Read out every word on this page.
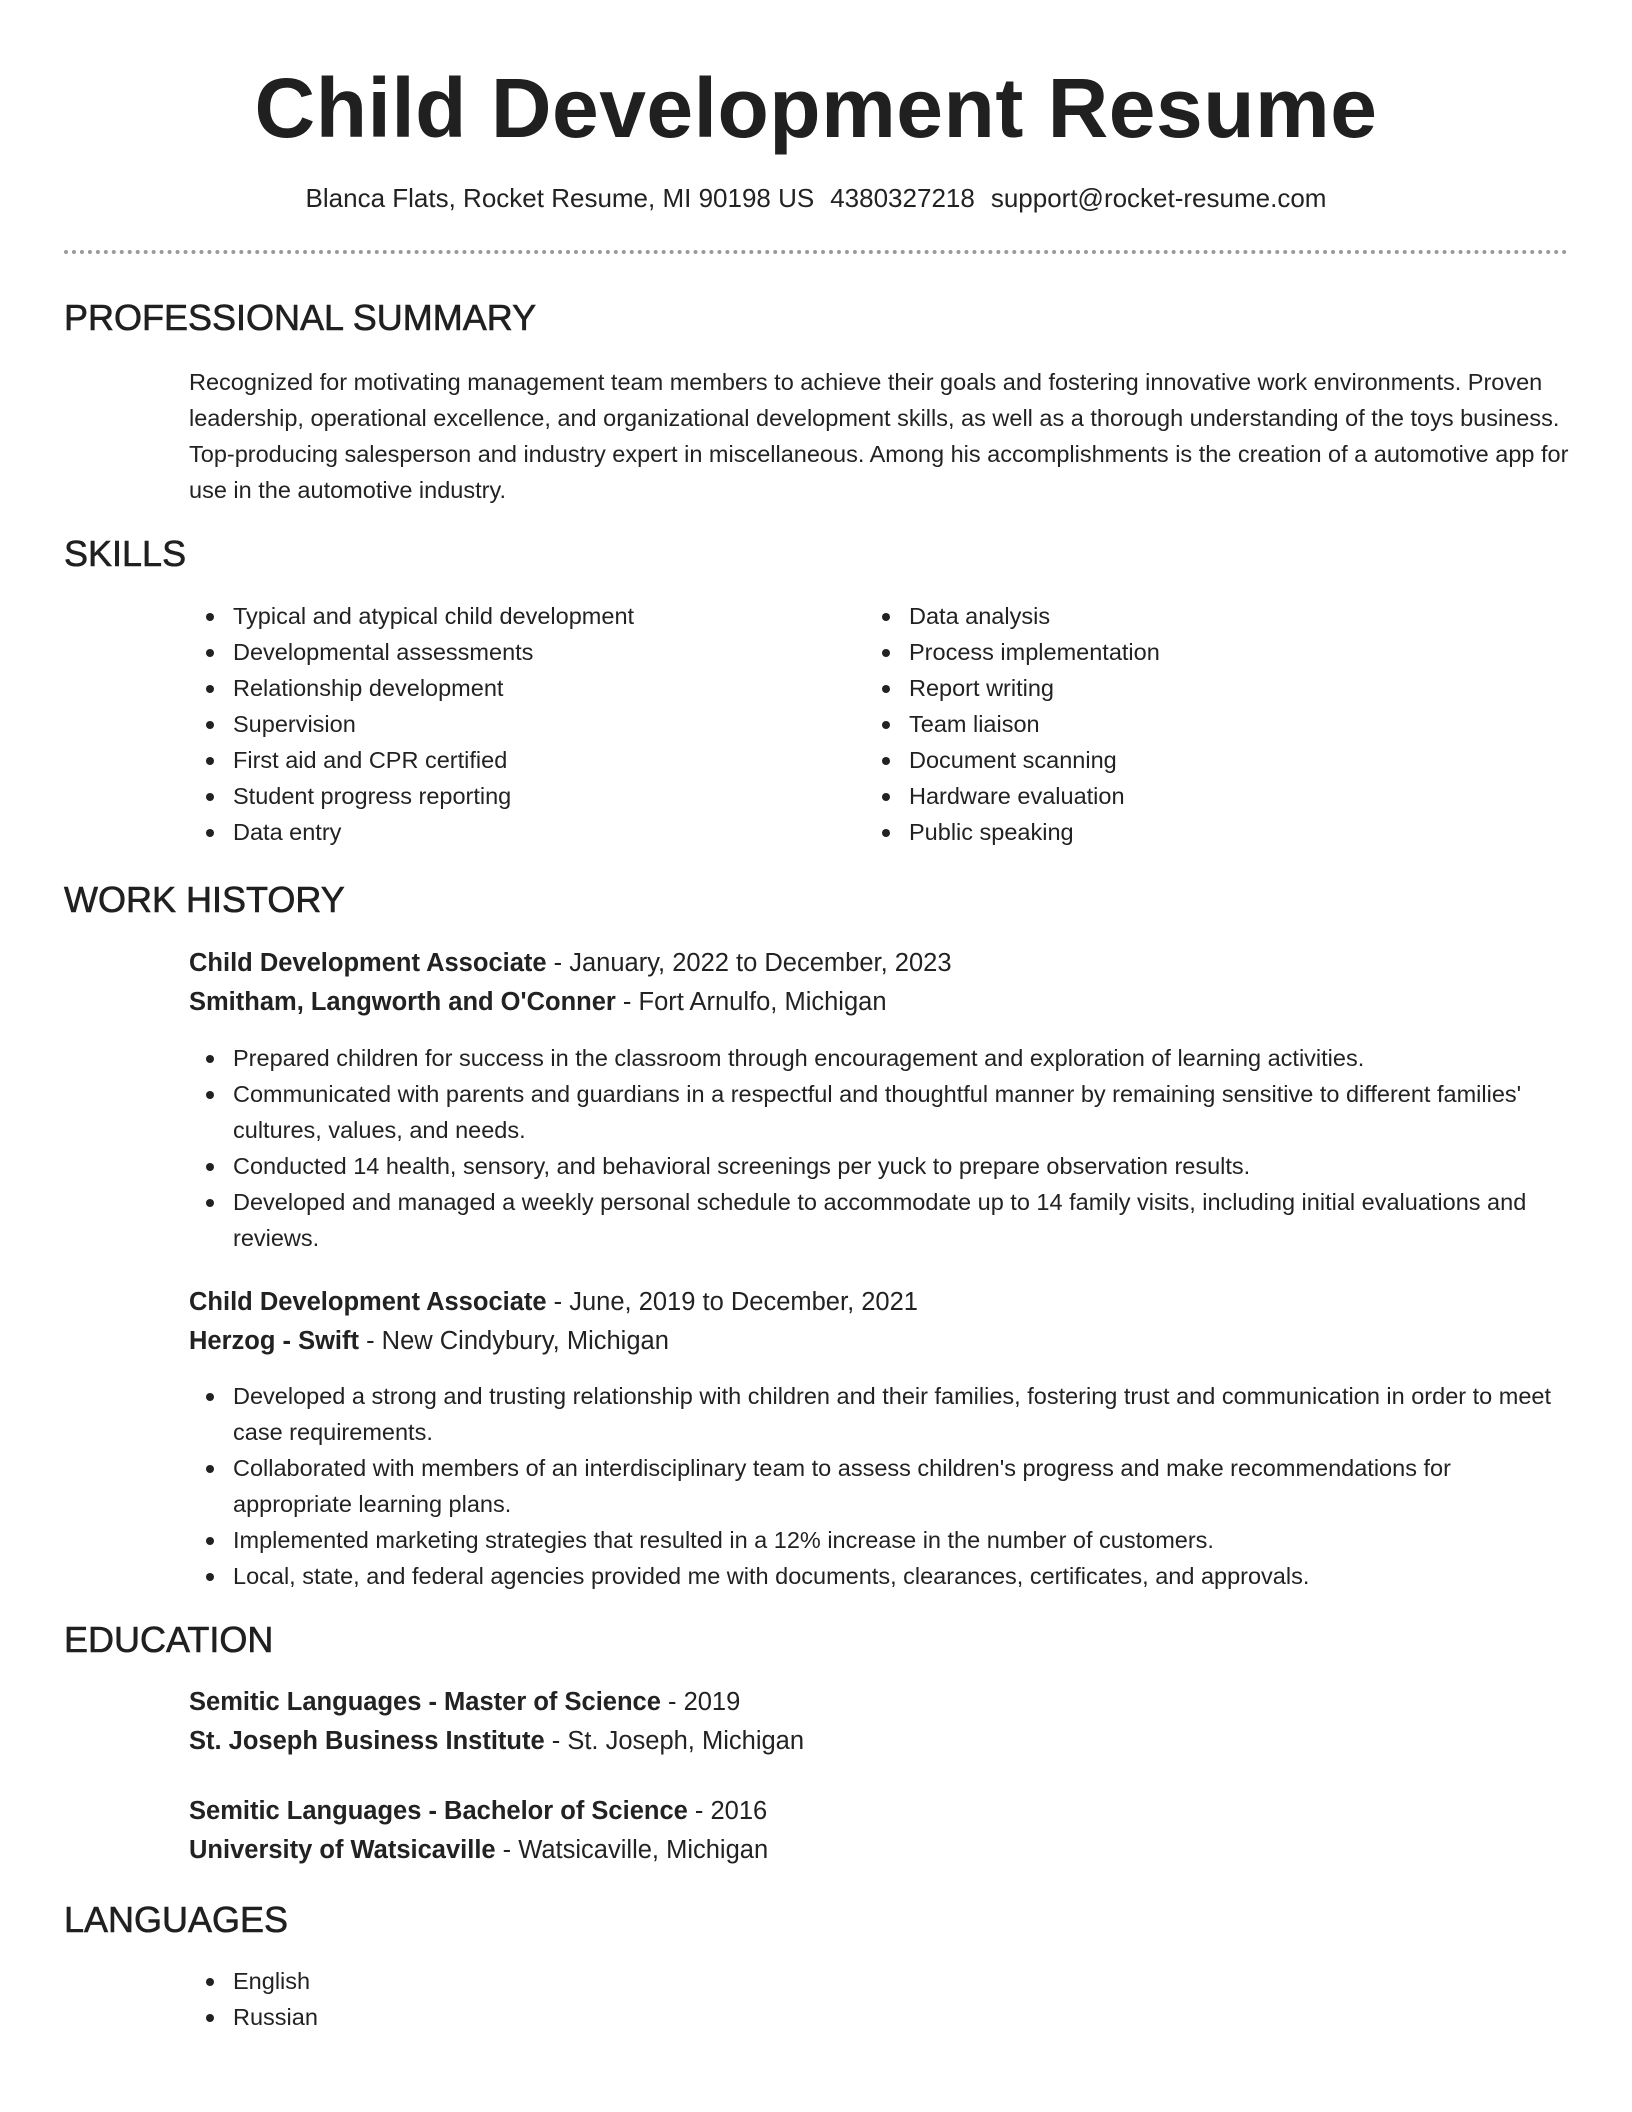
Child Development Resume
Blanca Flats, Rocket Resume, MI 90198 US 4380327218 support@rocket-resume.com
PROFESSIONAL SUMMARY

Recognized for motivating management team members to achieve their goals and fostering innovative work environments. Proven leadership, operational excellence, and organizational development skills, as well as a thorough understanding of the toys business. Top-producing salesperson and industry expert in miscellaneous. Among his accomplishments is the creation of a automotive app for use in the automotive industry.

SKILLS
Typical and atypical child development
Developmental assessments
Relationship development
Supervision
First aid and CPR certified
Student progress reporting
Data entry
Data analysis
Process implementation
Report writing
Team liaison
Document scanning
Hardware evaluation
Public speaking
WORK HISTORY
Child Development Associate - January, 2022 to December, 2023
Smitham, Langworth and O'Conner - Fort Arnulfo, Michigan
Prepared children for success in the classroom through encouragement and exploration of learning activities.
Communicated with parents and guardians in a respectful and thoughtful manner by remaining sensitive to different families' cultures, values, and needs.
Conducted 14 health, sensory, and behavioral screenings per yuck to prepare observation results.
Developed and managed a weekly personal schedule to accommodate up to 14 family visits, including initial evaluations and reviews.
Child Development Associate - June, 2019 to December, 2021
Herzog - Swift - New Cindybury, Michigan
Developed a strong and trusting relationship with children and their families, fostering trust and communication in order to meet case requirements.
Collaborated with members of an interdisciplinary team to assess children's progress and make recommendations for appropriate learning plans.
Implemented marketing strategies that resulted in a 12% increase in the number of customers.
Local, state, and federal agencies provided me with documents, clearances, certificates, and approvals.
EDUCATION
Semitic Languages - Master of Science - 2019
St. Joseph Business Institute - St. Joseph, Michigan
Semitic Languages - Bachelor of Science - 2016
University of Watsicaville - Watsicaville, Michigan
LANGUAGES
English
Russian
